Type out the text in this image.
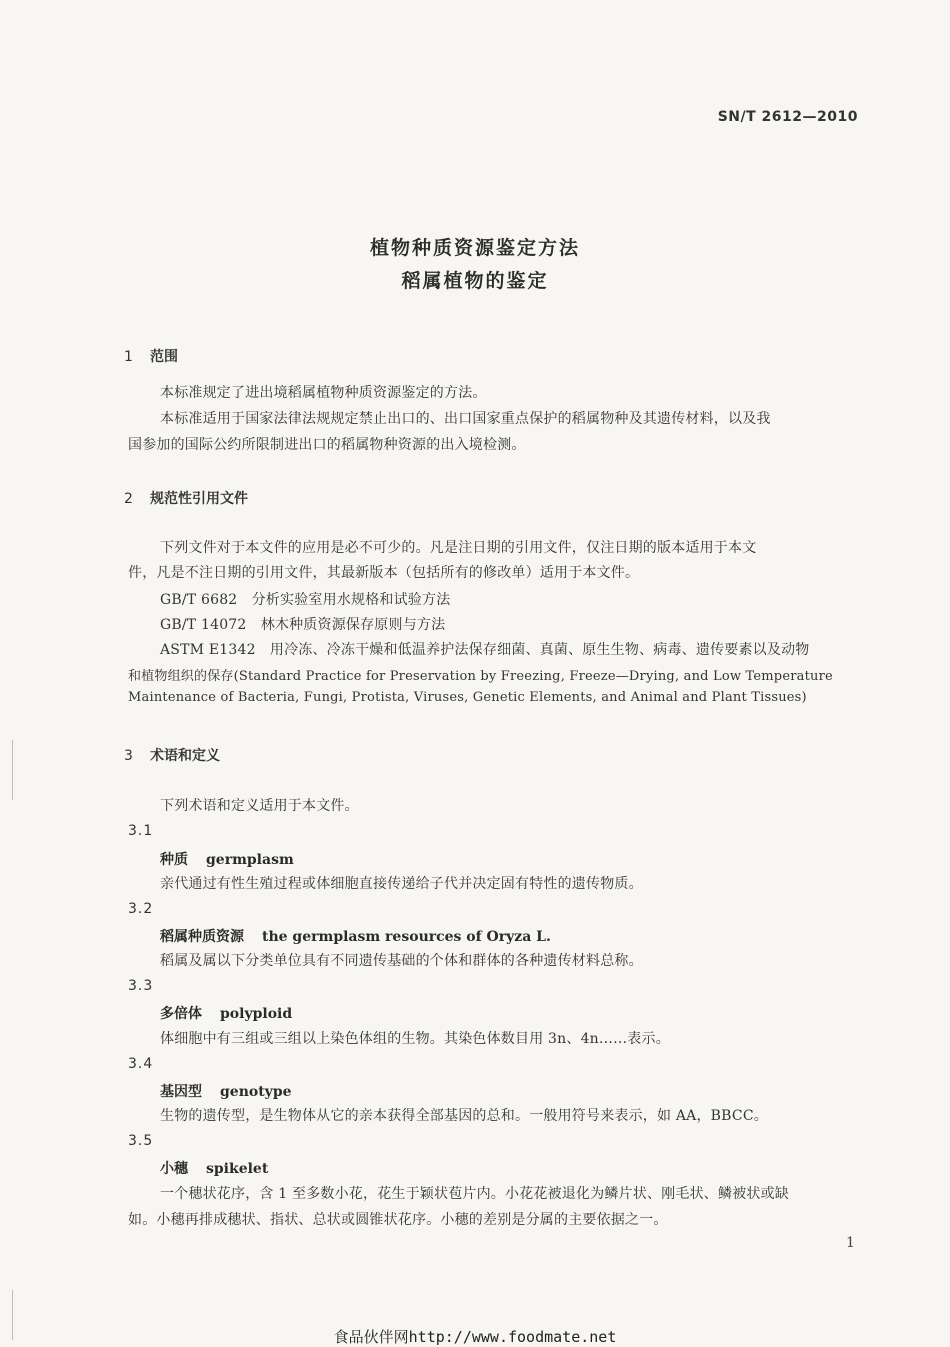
SN/T 2612—2010
植物种质资源鉴定方法
稻属植物的鉴定
1 范围
本标准规定了进出境稻属植物种质资源鉴定的方法。
本标准适用于国家法律法规规定禁止出口的、出口国家重点保护的稻属物种及其遗传材料，以及我
国参加的国际公约所限制进出口的稻属物种资源的出入境检测。
2 规范性引用文件
下列文件对于本文件的应用是必不可少的。凡是注日期的引用文件，仅注日期的版本适用于本文
件，凡是不注日期的引用文件，其最新版本（包括所有的修改单）适用于本文件。
GB/T 6682　分析实验室用水规格和试验方法
GB/T 14072　林木种质资源保存原则与方法
ASTM E1342　用冷冻、冷冻干燥和低温养护法保存细菌、真菌、原生生物、病毒、遗传要素以及动物
和植物组织的保存(Standard Practice for Preservation by Freezing, Freeze—Drying, and Low Temperature
Maintenance of Bacteria, Fungi, Protista, Viruses, Genetic Elements, and Animal and Plant Tissues)
3 术语和定义
下列术语和定义适用于本文件。
3.1
种质 germplasm
亲代通过有性生殖过程或体细胞直接传递给子代并决定固有特性的遗传物质。
3.2
稻属种质资源 the germplasm resources of Oryza L.
稻属及属以下分类单位具有不同遗传基础的个体和群体的各种遗传材料总称。
3.3
多倍体 polyploid
体细胞中有三组或三组以上染色体组的生物。其染色体数目用 3n、4n……表示。
3.4
基因型 genotype
生物的遗传型，是生物体从它的亲本获得全部基因的总和。一般用符号来表示，如 AA，BBCC。
3.5
小穗 spikelet
一个穗状花序，含 1 至多数小花，花生于颖状苞片内。小花花被退化为鳞片状、刚毛状、鳞被状或缺
如。小穗再排成穗状、指状、总状或圆锥状花序。小穗的差别是分属的主要依据之一。
1
食品伙伴网http://www.foodmate.net
